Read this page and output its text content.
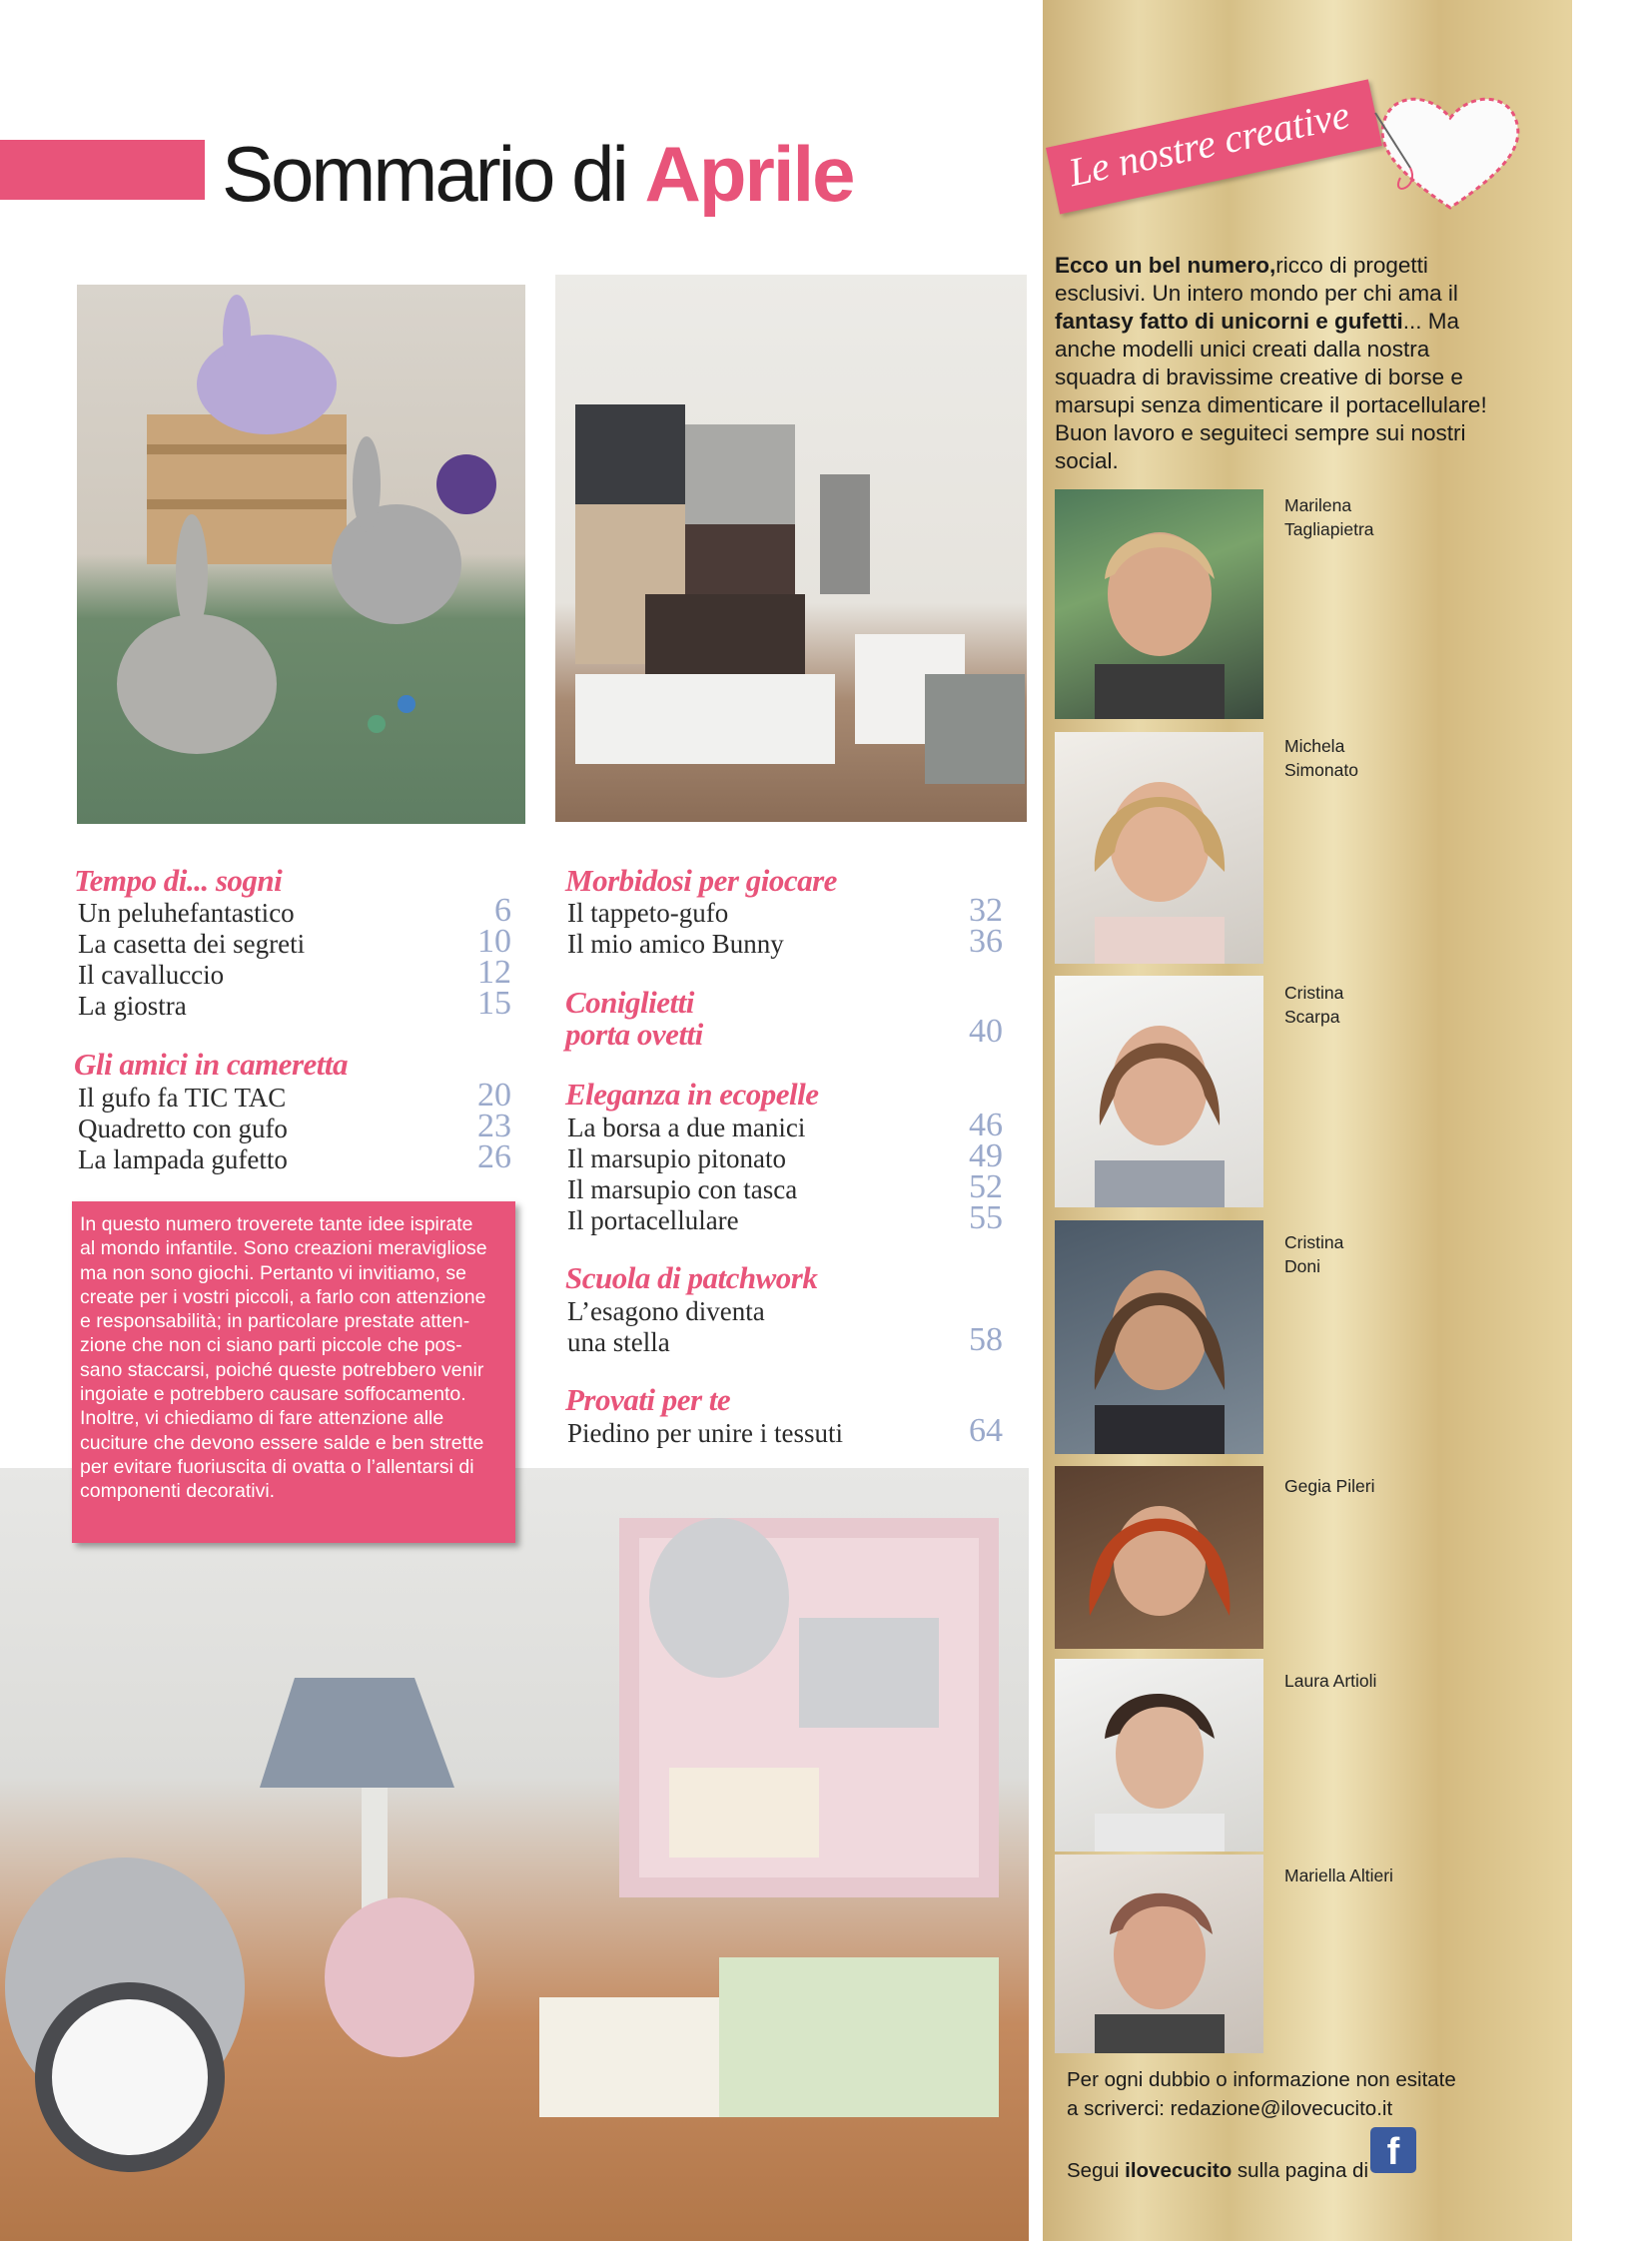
Sommario di Aprile
Tempo di... sogni
Un peluhefantastico	6
La casetta dei segreti	10
Il cavalluccio	12
La giostra	15
Gli amici in cameretta
Il gufo fa TIC TAC	20
Quadretto con gufo	23
La lampada gufetto	26
Morbidosi per giocare
Il tappeto-gufo	32
Il mio amico Bunny	36
Coniglietti
porta ovetti	40
Eleganza in ecopelle
La borsa a due manici	46
Il marsupio pitonato	49
Il marsupio con tasca	52
Il portacellulare	55
Scuola di patchwork
L’esagono diventa
una stella	58
Provati per te
Piedino per unire i tessuti	64
In questo numero troverete tante idee ispirate
al mondo infantile. Sono creazioni meravigliose
ma non sono giochi. Pertanto vi invitiamo, se
create per i vostri piccoli, a farlo con attenzione
e responsabilità; in particolare prestate atten-
zione che non ci siano parti piccole che pos-
sano staccarsi, poiché queste potrebbero venir
ingoiate e potrebbero causare soffocamento.
Inoltre, vi chiediamo di fare attenzione alle
cuciture che devono essere salde e ben strette
per evitare fuoriuscita di ovatta o l’allentarsi di
componenti decorativi.
Le nostre creative
Ecco un bel numero,ricco di progetti esclusivi. Un intero mondo per chi ama il fantasy fatto di unicorni e gufetti... Ma anche modelli unici creati dalla nostra squadra di bravissime creative di borse e marsupi senza dimenticare il portacellulare! Buon lavoro e seguiteci sempre sui nostri social.
Marilena
Tagliapietra
Michela
Simonato
Cristina
Scarpa
Cristina
Doni
Gegia Pileri
Laura Artioli
Mariella Altieri
Per ogni dubbio o informazione non esitate
a scriverci: redazione@ilovecucito.it
Segui ilovecucito sulla pagina di f
